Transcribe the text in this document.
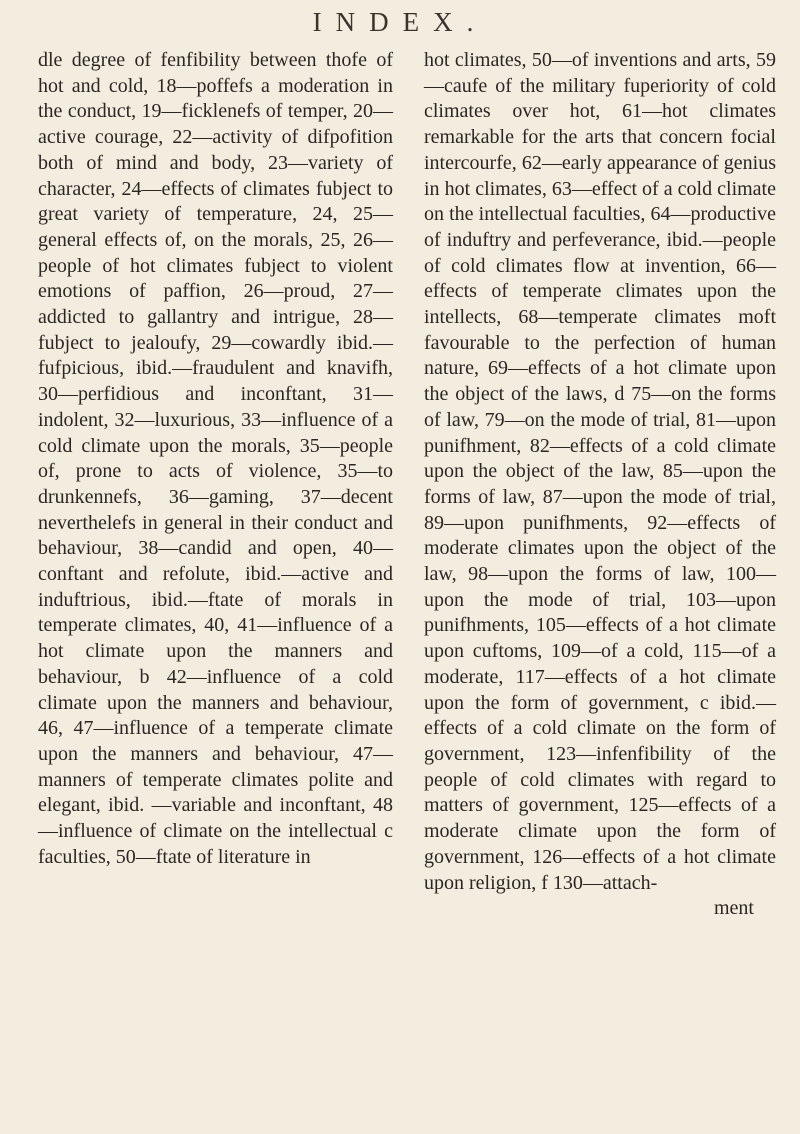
INDEX.

dle degree of fenfibility between thofe of hot and cold, 18—poffefs a moderation in the conduct, 19—ficklenefs of temper, 20—active courage, 22—activity of difpofition both of mind and body, 23—variety of character, 24—effects of climates fubject to great variety of temperature, 24, 25—general effects of, on the morals, 25, 26—people of hot climates fubject to violent emotions of paffion, 26—proud, 27—addicted to gallantry and intrigue, 28—fubject to jealoufy, 29—cowardly ibid.—fufpicious, ibid.—fraudulent and knavifh, 30—perfidious and inconftant, 31—indolent, 32—luxurious, 33—influence of a cold climate upon the morals, 35—people of, prone to acts of violence, 35—to drunkennefs, 36—gaming, 37—decent neverthelefs in general in their conduct and behaviour, 38—candid and open, 40—conftant and refolute, ibid.—active and induftrious, ibid.—ftate of morals in temperate climates, 40, 41—influence of a hot climate upon the manners and behaviour, b 42—influence of a cold climate upon the manners and behaviour, 46, 47—influence of a temperate climate upon the manners and behaviour, 47—manners of temperate climates polite and elegant, ibid. —variable and inconftant, 48—influence of climate on the intellectual c faculties, 50—ftate of literature in

hot climates, 50—of inventions and arts, 59—caufe of the military fuperiority of cold climates over hot, 61—hot climates remarkable for the arts that concern focial intercourfe, 62—early appearance of genius in hot climates, 63—effect of a cold climate on the intellectual faculties, 64—productive of induftry and perfeverance, ibid.—people of cold climates flow at invention, 66—effects of temperate climates upon the intellects, 68—temperate climates moft favourable to the perfection of human nature, 69—effects of a hot climate upon the object of the laws, d 75—on the forms of law, 79—on the mode of trial, 81—upon punifhment, 82—effects of a cold climate upon the object of the law, 85—upon the forms of law, 87—upon the mode of trial, 89—upon punifhments, 92—effects of moderate climates upon the object of the law, 98—upon the forms of law, 100—upon the mode of trial, 103—upon punifhments, 105—effects of a hot climate upon cuftoms, 109—of a cold, 115—of a moderate, 117—effects of a hot climate upon the form of government, c ibid.—effects of a cold climate on the form of government, 123—infenfibility of the people of cold climates with regard to matters of government, 125—effects of a moderate climate upon the form of government, 126—effects of a hot climate upon religion, f 130—attach-

ment
